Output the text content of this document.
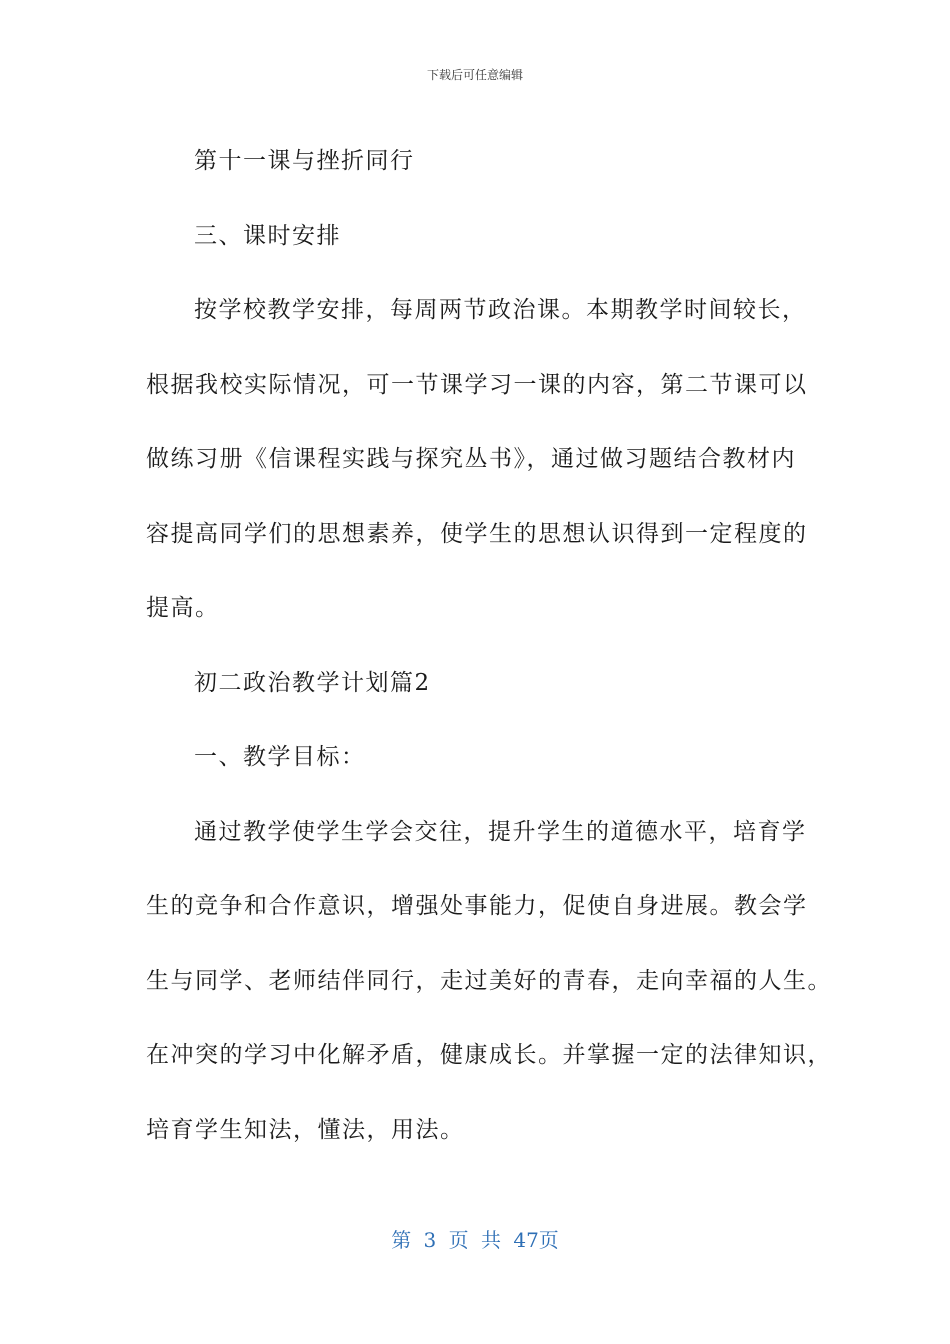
下载后可任意编辑

第十一课与挫折同行

三、课时安排

按学校教学安排，每周两节政治课。本期教学时间较长，

根据我校实际情况，可一节课学习一课的内容，第二节课可以

做练习册《信课程实践与探究丛书》，通过做习题结合教材内

容提高同学们的思想素养，使学生的思想认识得到一定程度的

提高。

初二政治教学计划篇2

一、教学目标：

通过教学使学生学会交往，提升学生的道德水平，培育学

生的竞争和合作意识，增强处事能力，促使自身进展。教会学

生与同学、老师结伴同行，走过美好的青春，走向幸福的人生。

在冲突的学习中化解矛盾，健康成长。并掌握一定的法律知识，

培育学生知法，懂法，用法。

第 3 页 共 47页
